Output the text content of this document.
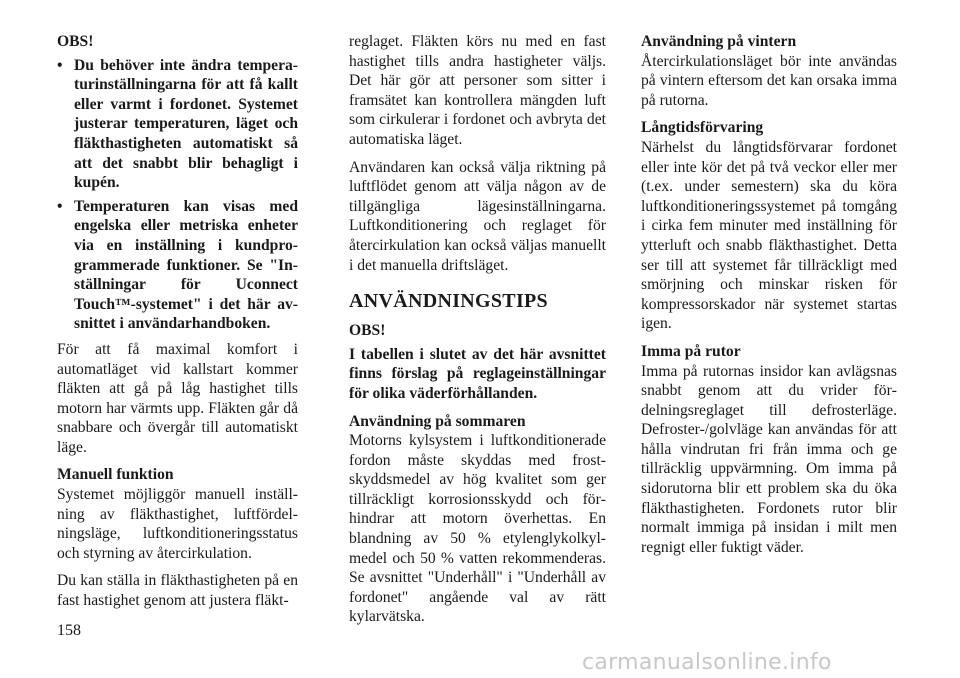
OBS!

• Du behöver inte ändra temperaturinställningarna för att få kallt eller varmt i fordonet. Systemet justerar temperaturen, läget och fläkthastigheten automatiskt så att det snabbt blir behagligt i kupén.
• Temperaturen kan visas med engelska eller metriska enheter via en inställning i kundprogrammerade funktioner. Se "Inställningar för Uconnect Touch™-systemet" i det här avsnittet i användarhandboken.

För att få maximal komfort i automatläget vid kallstart kommer fläkten att gå på låg hastighet tills motorn har värmts upp. Fläkten går då snabbare och övergår till automatiskt läge.

Manuell funktion

Systemet möjliggör manuell inställning av fläkthastighet, luftfördelningsläge, luftkonditioneringsstatus och styrning av återcirkulation.

Du kan ställa in fläkthastigheten på en fast hastighet genom att justera fläkt-

reglaget. Fläkten körs nu med en fast hastighet tills andra hastigheter väljs. Det här gör att personer som sitter i framsätet kan kontrollera mängden luft som cirkulerar i fordonet och avbryta det automatiska läget.

Användaren kan också välja riktning på luftflödet genom att välja någon av de tillgängliga lägesinställningarna. Luftkonditionering och reglaget för återcirkulation kan också väljas manuellt i det manuella driftsläget.

ANVÄNDNINGSTIPS

OBS!

I tabellen i slutet av det här avsnittet finns förslag på reglageinställningar för olika väderförhållanden.

Användning på sommaren

Motorns kylsystem i luftkonditionerade fordon måste skyddas med frostskyddsmedel av hög kvalitet som ger tillräckligt korrosionsskydd och förhindrar att motorn överhettas. En blandning av 50 % etylenglykolkylmedel och 50 % vatten rekommenderas. Se avsnittet "Underhåll" i "Underhåll av fordonet" angående val av rätt kylarvätska.

Användning på vintern

Återcirkulationsläget bör inte användas på vintern eftersom det kan orsaka imma på rutorna.

Långtidsförvaring

Närhelst du långtidsförvarar fordonet eller inte kör det på två veckor eller mer (t.ex. under semestern) ska du köra luftkonditioneringssystemet på tomgång i cirka fem minuter med inställning för ytterluft och snabb fläkthastighet. Detta ser till att systemet får tillräckligt med smörjning och minskar risken för kompressorskador när systemet startas igen.

Imma på rutor

Imma på rutornas insidor kan avlägsnas snabbt genom att du vrider fördelningsreglaget till defrosterläge. Defroster-/golvläge kan användas för att hålla vindrutan fri från imma och ge tillräcklig uppvärmning. Om imma på sidorutorna blir ett problem ska du öka fläkthastigheten. Fordonets rutor blir normalt immiga på insidan i milt men regnigt eller fuktigt väder.

158
carmanualsonline.info
